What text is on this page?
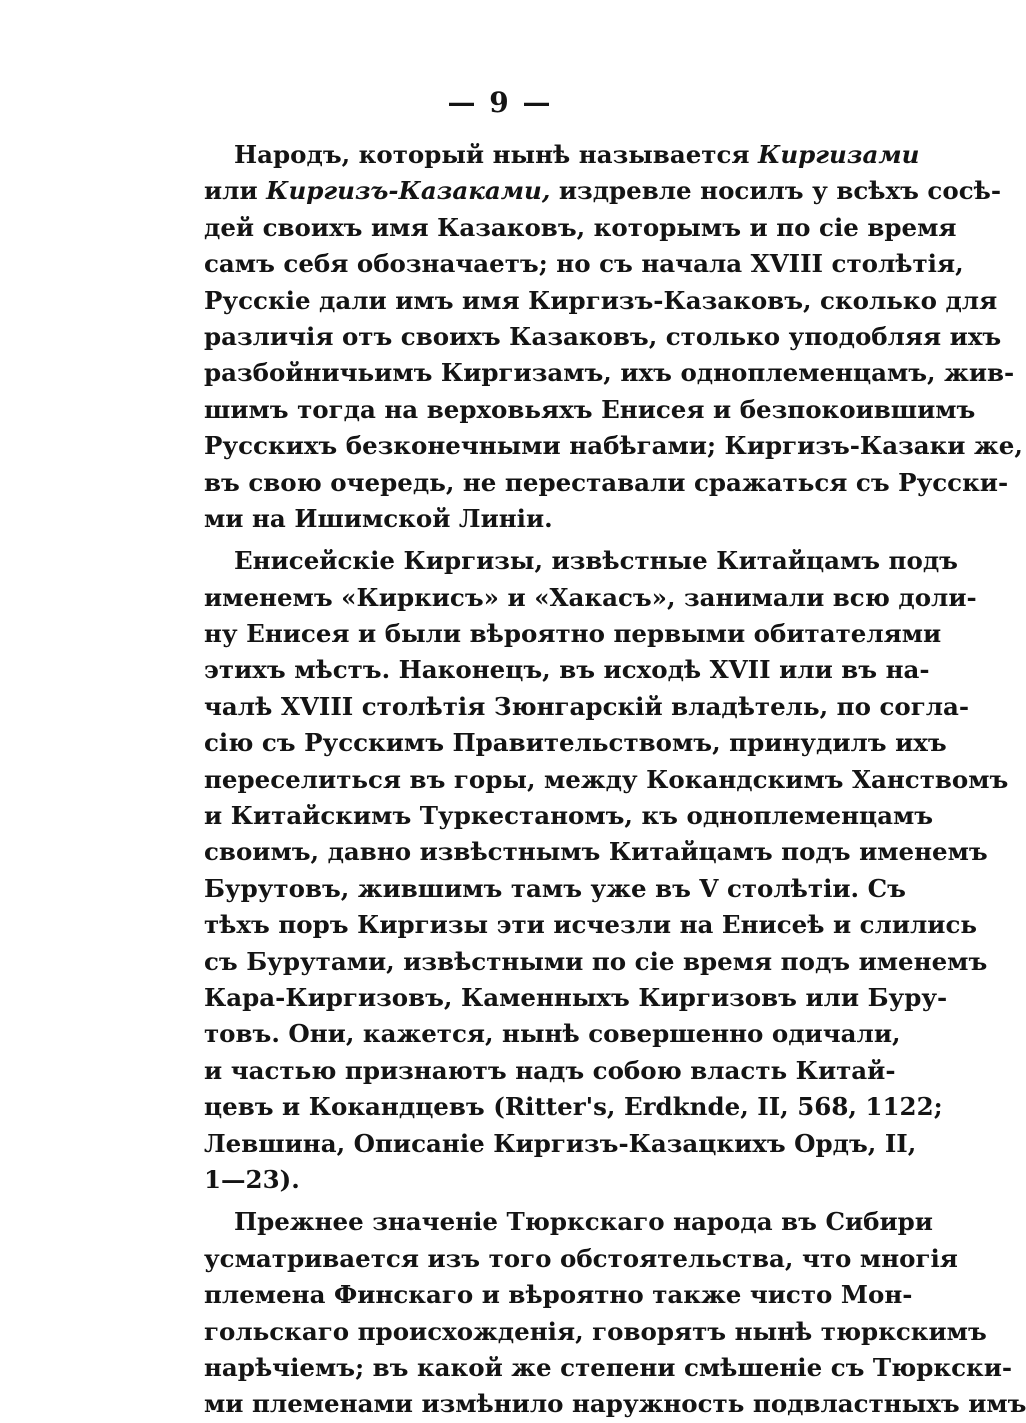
— 9 —
Народъ, который нынѣ называется Киргизами
или Киргизъ-Казаками, издревле носилъ у всѣхъ сосѣ-
дей своихъ имя Казаковъ, которымъ и по сіе время
самъ себя обозначаетъ; но съ начала XVIII столѣтія,
Русскіе дали имъ имя Киргизъ-Казаковъ, сколько для
различія отъ своихъ Казаковъ, столько уподобляя ихъ
разбойничьимъ Киргизамъ, ихъ одноплеменцамъ, жив-
шимъ тогда на верховьяхъ Енисея и безпокоившимъ
Русскихъ безконечными набѣгами; Киргизъ-Казаки же,
въ свою очередь, не переставали сражаться съ Русски-
ми на Ишимской Линіи.
Енисейскіе Киргизы, извѣстные Китайцамъ подъ
именемъ «Киркисъ» и «Хакасъ», занимали всю доли-
ну Енисея и были вѣроятно первыми обитателями
этихъ мѣстъ. Наконецъ, въ исходѣ XVII или въ на-
чалѣ XVIII столѣтія Зюнгарскій владѣтель, по согла-
сію съ Русскимъ Правительствомъ, принудилъ ихъ
переселиться въ горы, между Кокандскимъ Ханствомъ
и Китайскимъ Туркестаномъ, къ одноплеменцамъ
своимъ, давно извѣстнымъ Китайцамъ подъ именемъ
Бурутовъ, жившимъ тамъ уже въ V столѣтіи. Съ
тѣхъ поръ Киргизы эти исчезли на Енисеѣ и слились
съ Бурутами, извѣстными по сіе время подъ именемъ
Кара-Киргизовъ, Каменныхъ Киргизовъ или Буру-
товъ. Они, кажется, нынѣ совершенно одичали,
и частью признаютъ надъ собою власть Китай-
цевъ и Кокандцевъ (Ritter's, Erdknde, II, 568, 1122;
Левшина, Описаніе Киргизъ-Казацкихъ Ордъ, II,
1—23).
Прежнее значеніе Тюркскаго народа въ Сибири
усматривается изъ того обстоятельства, что многія
племена Финскаго и вѣроятно также чисто Мон-
гольскаго происхожденія, говорятъ нынѣ тюркскимъ
нарѣчіемъ; въ какой же степени смѣшеніе съ Тюркски-
ми племенами измѣнило наружность подвластныхъ имъ
